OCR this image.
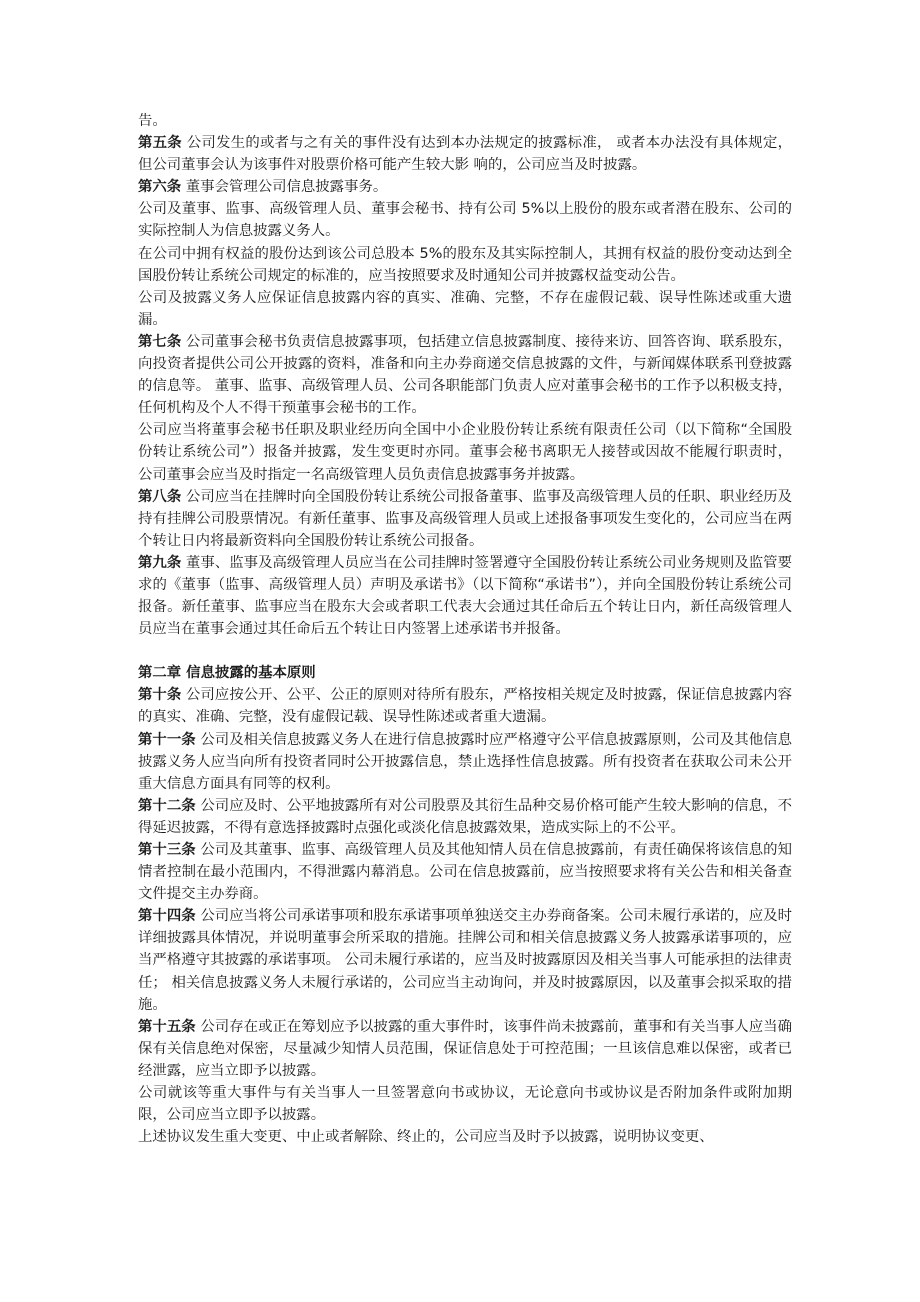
告。

第五条 公司发生的或者与之有关的事件没有达到本办法规定的披露标准， 或者本办法没有具体规定，但公司董事会认为该事件对股票价格可能产生较大影 响的，公司应当及时披露。

第六条 董事会管理公司信息披露事务。

公司及董事、监事、高级管理人员、董事会秘书、持有公司 5%以上股份的股东或者潜在股东、公司的实际控制人为信息披露义务人。

在公司中拥有权益的股份达到该公司总股本 5%的股东及其实际控制人，其拥有权益的股份变动达到全国股份转让系统公司规定的标准的，应当按照要求及时通知公司并披露权益变动公告。

公司及披露义务人应保证信息披露内容的真实、准确、完整，不存在虚假记载、误导性陈述或重大遗漏。

第七条 公司董事会秘书负责信息披露事项，包括建立信息披露制度、接待来访、回答咨询、联系股东，向投资者提供公司公开披露的资料，准备和向主办券商递交信息披露的文件，与新闻媒体联系刊登披露的信息等。 董事、监事、高级管理人员、公司各职能部门负责人应对董事会秘书的工作予以积极支持，任何机构及个人不得干预董事会秘书的工作。

公司应当将董事会秘书任职及职业经历向全国中小企业股份转让系统有限责任公司（以下简称“全国股份转让系统公司”）报备并披露，发生变更时亦同。董事会秘书离职无人接替或因故不能履行职责时，公司董事会应当及时指定一名高级管理人员负责信息披露事务并披露。

第八条 公司应当在挂牌时向全国股份转让系统公司报备董事、监事及高级管理人员的任职、职业经历及持有挂牌公司股票情况。有新任董事、监事及高级管理人员或上述报备事项发生变化的，公司应当在两个转让日内将最新资料向全国股份转让系统公司报备。

第九条 董事、监事及高级管理人员应当在公司挂牌时签署遵守全国股份转让系统公司业务规则及监管要求的《董事（监事、高级管理人员）声明及承诺书》（以下简称“承诺书”），并向全国股份转让系统公司报备。新任董事、监事应当在股东大会或者职工代表大会通过其任命后五个转让日内，新任高级管理人员应当在董事会通过其任命后五个转让日内签署上述承诺书并报备。

第二章 信息披露的基本原则

第十条 公司应按公开、公平、公正的原则对待所有股东，严格按相关规定及时披露，保证信息披露内容的真实、准确、完整，没有虚假记载、误导性陈述或者重大遗漏。

第十一条 公司及相关信息披露义务人在进行信息披露时应严格遵守公平信息披露原则，公司及其他信息披露义务人应当向所有投资者同时公开披露信息，禁止选择性信息披露。所有投资者在获取公司未公开重大信息方面具有同等的权利。

第十二条 公司应及时、公平地披露所有对公司股票及其衍生品种交易价格可能产生较大影响的信息，不得延迟披露，不得有意选择披露时点强化或淡化信息披露效果，造成实际上的不公平。

第十三条 公司及其董事、监事、高级管理人员及其他知情人员在信息披露前，有责任确保将该信息的知情者控制在最小范围内，不得泄露内幕消息。公司在信息披露前，应当按照要求将有关公告和相关备查文件提交主办券商。

第十四条 公司应当将公司承诺事项和股东承诺事项单独送交主办券商备案。公司未履行承诺的，应及时详细披露具体情况，并说明董事会所采取的措施。挂牌公司和相关信息披露义务人披露承诺事项的，应当严格遵守其披露的承诺事项。 公司未履行承诺的，应当及时披露原因及相关当事人可能承担的法律责任； 相关信息披露义务人未履行承诺的，公司应当主动询问，并及时披露原因，以及董事会拟采取的措施。

第十五条 公司存在或正在筹划应予以披露的重大事件时，该事件尚未披露前，董事和有关当事人应当确保有关信息绝对保密，尽量减少知情人员范围，保证信息处于可控范围；一旦该信息难以保密，或者已经泄露，应当立即予以披露。

公司就该等重大事件与有关当事人一旦签署意向书或协议，无论意向书或协议是否附加条件或附加期限，公司应当立即予以披露。

上述协议发生重大变更、中止或者解除、终止的，公司应当及时予以披露，说明协议变更、
